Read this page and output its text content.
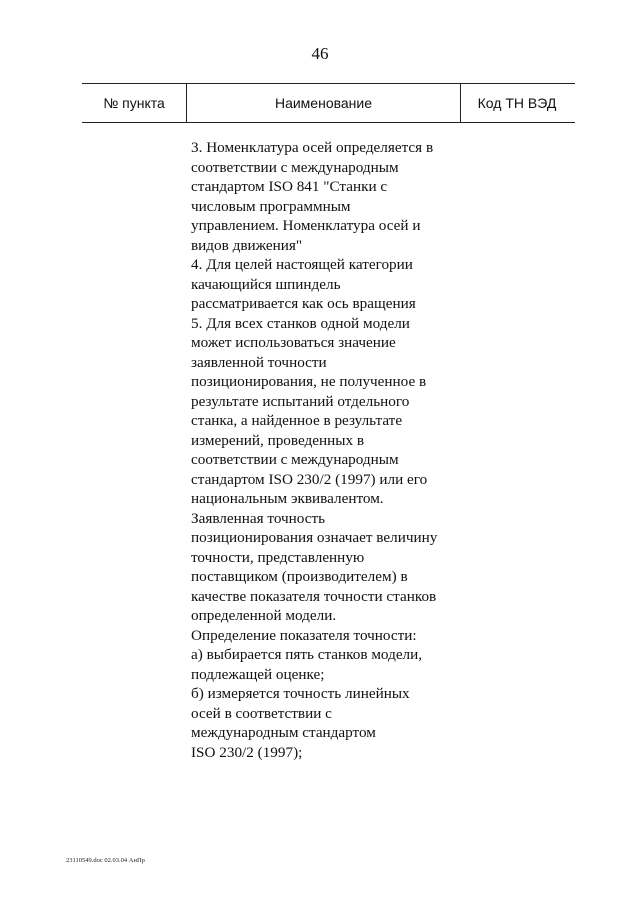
46
№ пункта	Наименование	Код ТН ВЭД
3. Номенклатура осей определяется в
соответствии с международным
стандартом ISO 841 "Станки с
числовым программным
управлением. Номенклатура осей и
видов движения"
4. Для целей настоящей категории
качающийся шпиндель
рассматривается как ось вращения
5. Для всех станков одной модели
может использоваться значение
заявленной точности
позиционирования, не полученное в
результате испытаний отдельного
станка, а найденное в результате
измерений, проведенных в
соответствии с международным
стандартом ISO 230/2 (1997) или его
национальным эквивалентом.
Заявленная точность
позиционирования означает величину
точности, представленную
поставщиком (производителем) в
качестве показателя точности станков
определенной модели.
Определение показателя точности:
а) выбирается пять станков модели,
подлежащей оценке;
б) измеряется точность линейных
осей в соответствии с
международным стандартом
ISO 230/2 (1997);
23110549.doc 02.03.04 АнПр
